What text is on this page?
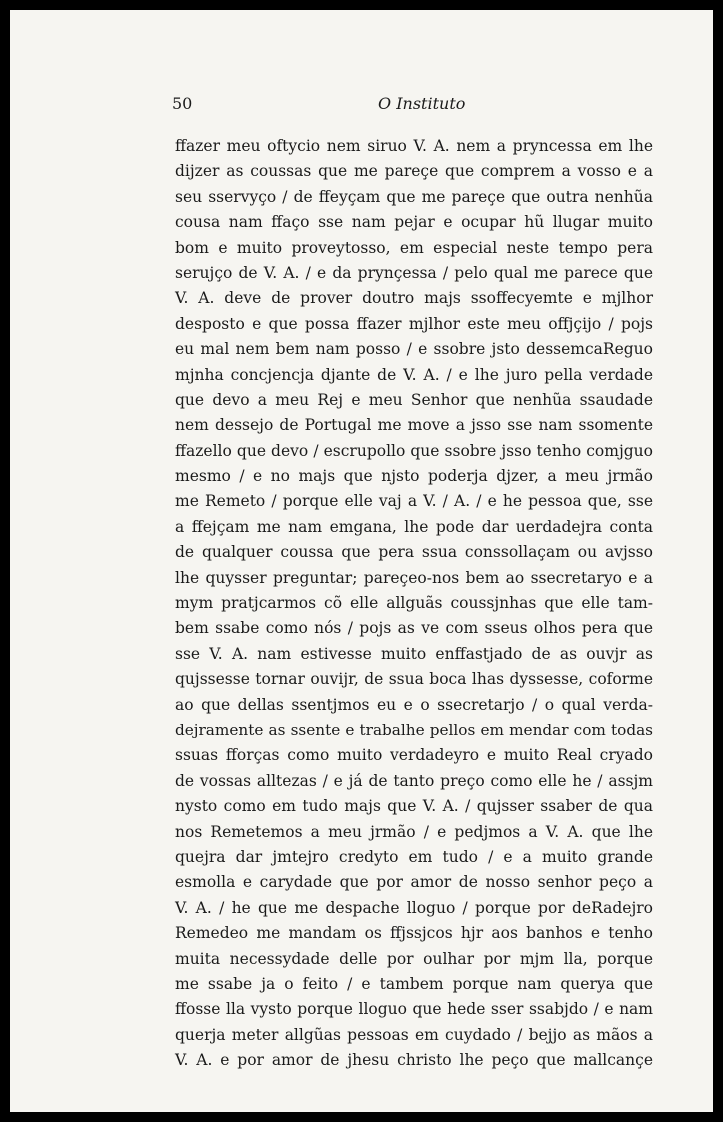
50	O Instituto
ffazer meu oftycio nem siruo V. A. nem a pryncessa em lhe
dijzer as coussas que me pareçe que comprem a vosso e a
seu sservyço / de ffeyçam que me pareçe que outra nenhũa
cousa nam ffaço sse nam pejar e ocupar hũ llugar muito
bom e muito proveytosso, em especial neste tempo pera
serujço de V. A. / e da prynçessa / pelo qual me parece que
V. A. deve de prover doutro majs ssoffecyemte e mjlhor
desposto e que possa ffazer mjlhor este meu offjçijo / pojs
eu mal nem bem nam posso / e ssobre jsto dessemcaReguo
mjnha concjencja djante de V. A. / e lhe juro pella verdade
que devo a meu Rej e meu Senhor que nenhũa ssaudade
nem dessejo de Portugal me move a jsso sse nam ssomente
ffazello que devo / escrupollo que ssobre jsso tenho comjguo
mesmo / e no majs que njsto poderja djzer, a meu jrmão
me Remeto / porque elle vaj a V. / A. / e he pessoa que, sse
a ffejçam me nam emgana, lhe pode dar uerdadejra conta
de qualquer coussa que pera ssua conssollaçam ou avjsso
lhe quysser preguntar; pareçeo-nos bem ao ssecretaryo e a
mym pratjcarmos cõ elle allguãs coussjnhas que elle tam-
bem ssabe como nós / pojs as ve com sseus olhos pera que
sse V. A. nam estivesse muito enffastjado de as ouvjr as
qujssesse tornar ouvijr, de ssua boca lhas dyssesse, coforme
ao que dellas ssentjmos eu e o ssecretarjo / o qual verda-
dejramente as ssente e trabalhe pellos em mendar com todas
ssuas fforças como muito verdadeyro e muito Real cryado
de vossas alltezas / e já de tanto preço como elle he / assjm
nysto como em tudo majs que V. A. / qujsser ssaber de qua
nos Remetemos a meu jrmão / e pedjmos a V. A. que lhe
quejra dar jmtejro credyto em tudo / e a muito grande
esmolla e carydade que por amor de nosso senhor peço a
V. A. / he que me despache lloguo / porque por deRadejro
Remedeo me mandam os ffjssjcos hjr aos banhos e tenho
muita necessydade delle por oulhar por mjm lla, porque
me ssabe ja o feito / e tambem porque nam querya que
ffosse lla vysto porque lloguo que hede sser ssabjdo / e nam
querja meter allgũas pessoas em cuydado / bejjo as mãos a
V. A. e por amor de jhesu christo lhe peço que mallcançe
